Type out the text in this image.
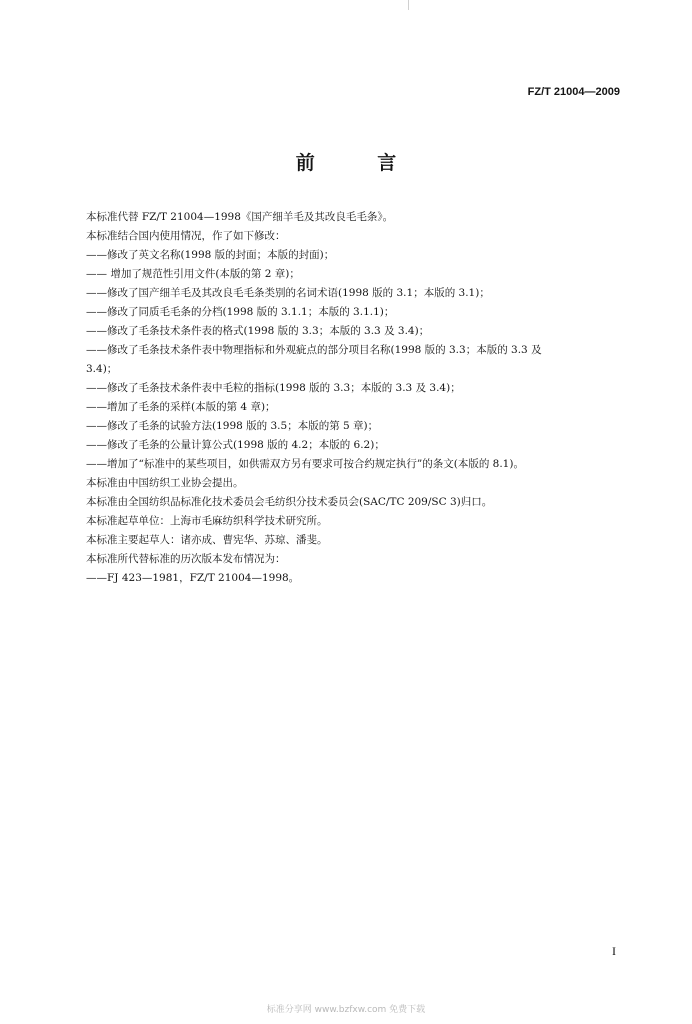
FZ/T 21004—2009
前 言
本标准代替 FZ/T 21004—1998《国产细羊毛及其改良毛毛条》。
本标准结合国内使用情况，作了如下修改：
——修改了英文名称(1998 版的封面；本版的封面)；
—— 增加了规范性引用文件(本版的第 2 章)；
——修改了国产细羊毛及其改良毛毛条类别的名词术语(1998 版的 3.1；本版的 3.1)；
——修改了同质毛毛条的分档(1998 版的 3.1.1；本版的 3.1.1)；
——修改了毛条技术条件表的格式(1998 版的 3.3；本版的 3.3 及 3.4)；
——修改了毛条技术条件表中物理指标和外观疵点的部分项目名称(1998 版的 3.3；本版的 3.3 及
3.4)；
——修改了毛条技术条件表中毛粒的指标(1998 版的 3.3；本版的 3.3 及 3.4)；
——增加了毛条的采样(本版的第 4 章)；
——修改了毛条的试验方法(1998 版的 3.5；本版的第 5 章)；
——修改了毛条的公量计算公式(1998 版的 4.2；本版的 6.2)；
——增加了“标准中的某些项目，如供需双方另有要求可按合约规定执行”的条文(本版的 8.1)。
本标准由中国纺织工业协会提出。
本标准由全国纺织品标准化技术委员会毛纺织分技术委员会(SAC/TC 209/SC 3)归口。
本标准起草单位：上海市毛麻纺织科学技术研究所。
本标准主要起草人：诸亦成、曹宪华、苏琼、潘斐。
本标准所代替标准的历次版本发布情况为：
——FJ 423—1981，FZ/T 21004—1998。
I
标准分享网 www.bzfxw.com 免费下载
